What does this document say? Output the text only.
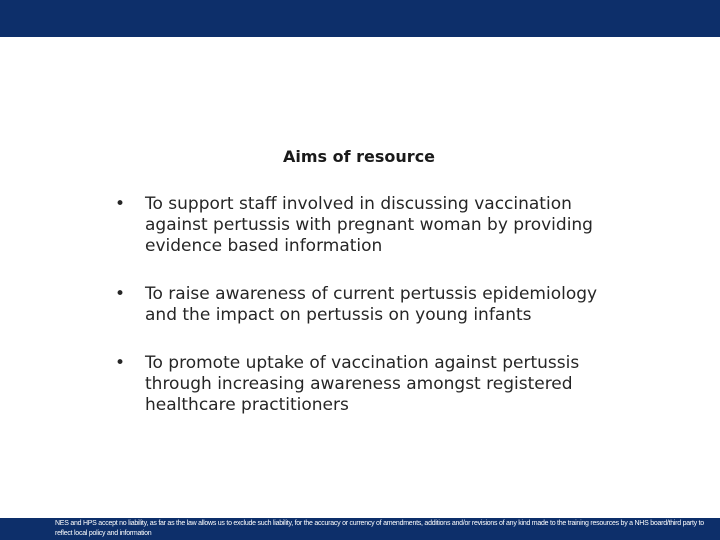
Aims of resource
• To support staff involved in discussing vaccination against pertussis with pregnant woman by providing evidence based information
• To raise awareness of current pertussis epidemiology and the impact on pertussis on young infants
• To promote uptake of vaccination against pertussis through increasing awareness amongst registered healthcare practitioners
NES and HPS accept no liability, as far as the law allows us to exclude such liability, for the accuracy or currency of amendments, additions and/or revisions of any kind made to the training resources by a NHS board/third party to reflect local policy and information
